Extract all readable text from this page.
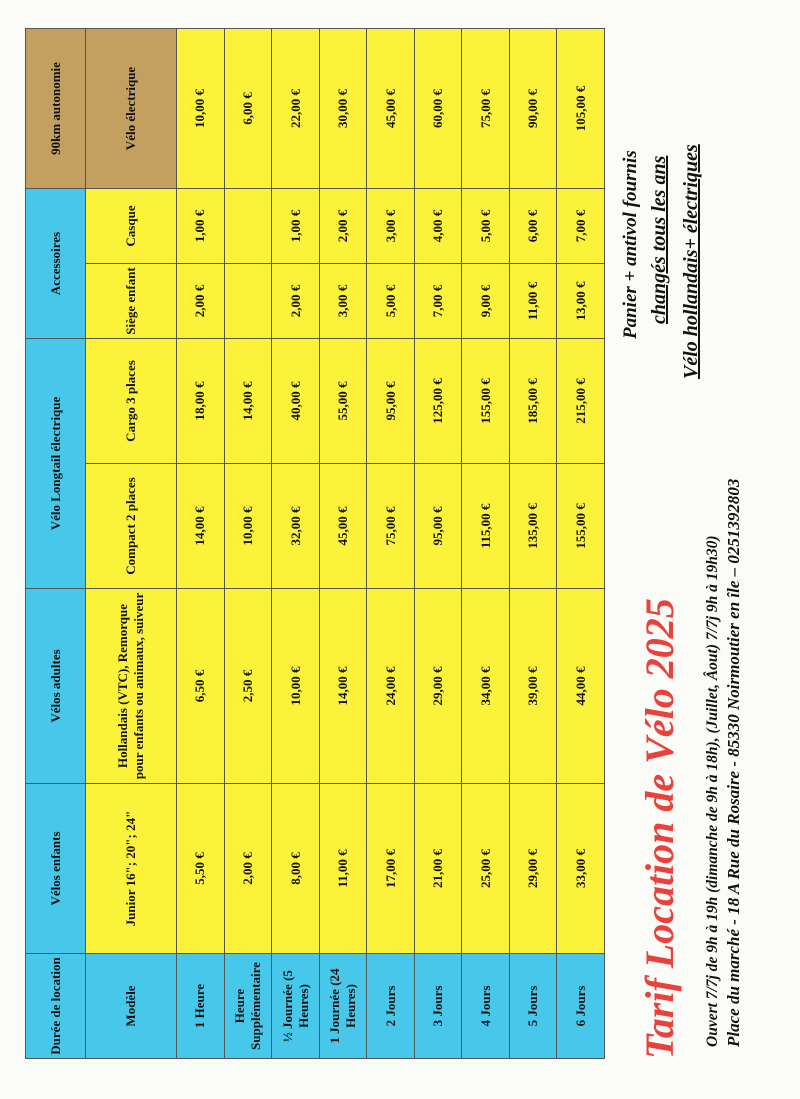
Tarif Location de Vélo 2025 Ouvert 7/7j de 9h à 19h (dimanche de 9h à 18h), (Juillet, Âout) 7/7j 9h à 19h30) Place du marché - 18 A Rue du Rosaire - 85330 Noirmoutier en île – 0251392803

Vélo hollandais+ électriques

changés tous les ans

Panier + antivol fournis

Durée de location	Vélos enfants	Vélos adultes	Vélo Longtail électrique		Accessoires		90km autonomie
Modèle	Junior 16"; 20"; 24"	Hollandais (VTC), Remorque pour enfants ou animaux, suiveur	Compact 2 places	Cargo 3 places	Siège enfant	Casque	Vélo électrique
1 Heure	5,50 €	6,50 €	14,00 €	18,00 €	2,00 €	1,00 €	10,00 €
Heure Supplémentaire	2,00 €	2,50 €	10,00 €	14,00 €			6,00 €
½ Journée (5 Heures)	8,00 €	10,00 €	32,00 €	40,00 €	2,00 €	1,00 €	22,00 €
1 Journée (24 Heures)	11,00 €	14,00 €	45,00 €	55,00 €	3,00 €	2,00 €	30,00 €
2 Jours	17,00 €	24,00 €	75,00 €	95,00 €	5,00 €	3,00 €	45,00 €
3 Jours	21,00 €	29,00 €	95,00 €	125,00 €	7,00 €	4,00 €	60,00 €
4 Jours	25,00 €	34,00 €	115,00 €	155,00 €	9,00 €	5,00 €	75,00 €
5 Jours	29,00 €	39,00 €	135,00 €	185,00 €	11,00 €	6,00 €	90,00 €
6 Jours	33,00 €	44,00 €	155,00 €	215,00 €	13,00 €	7,00 €	105,00 €
